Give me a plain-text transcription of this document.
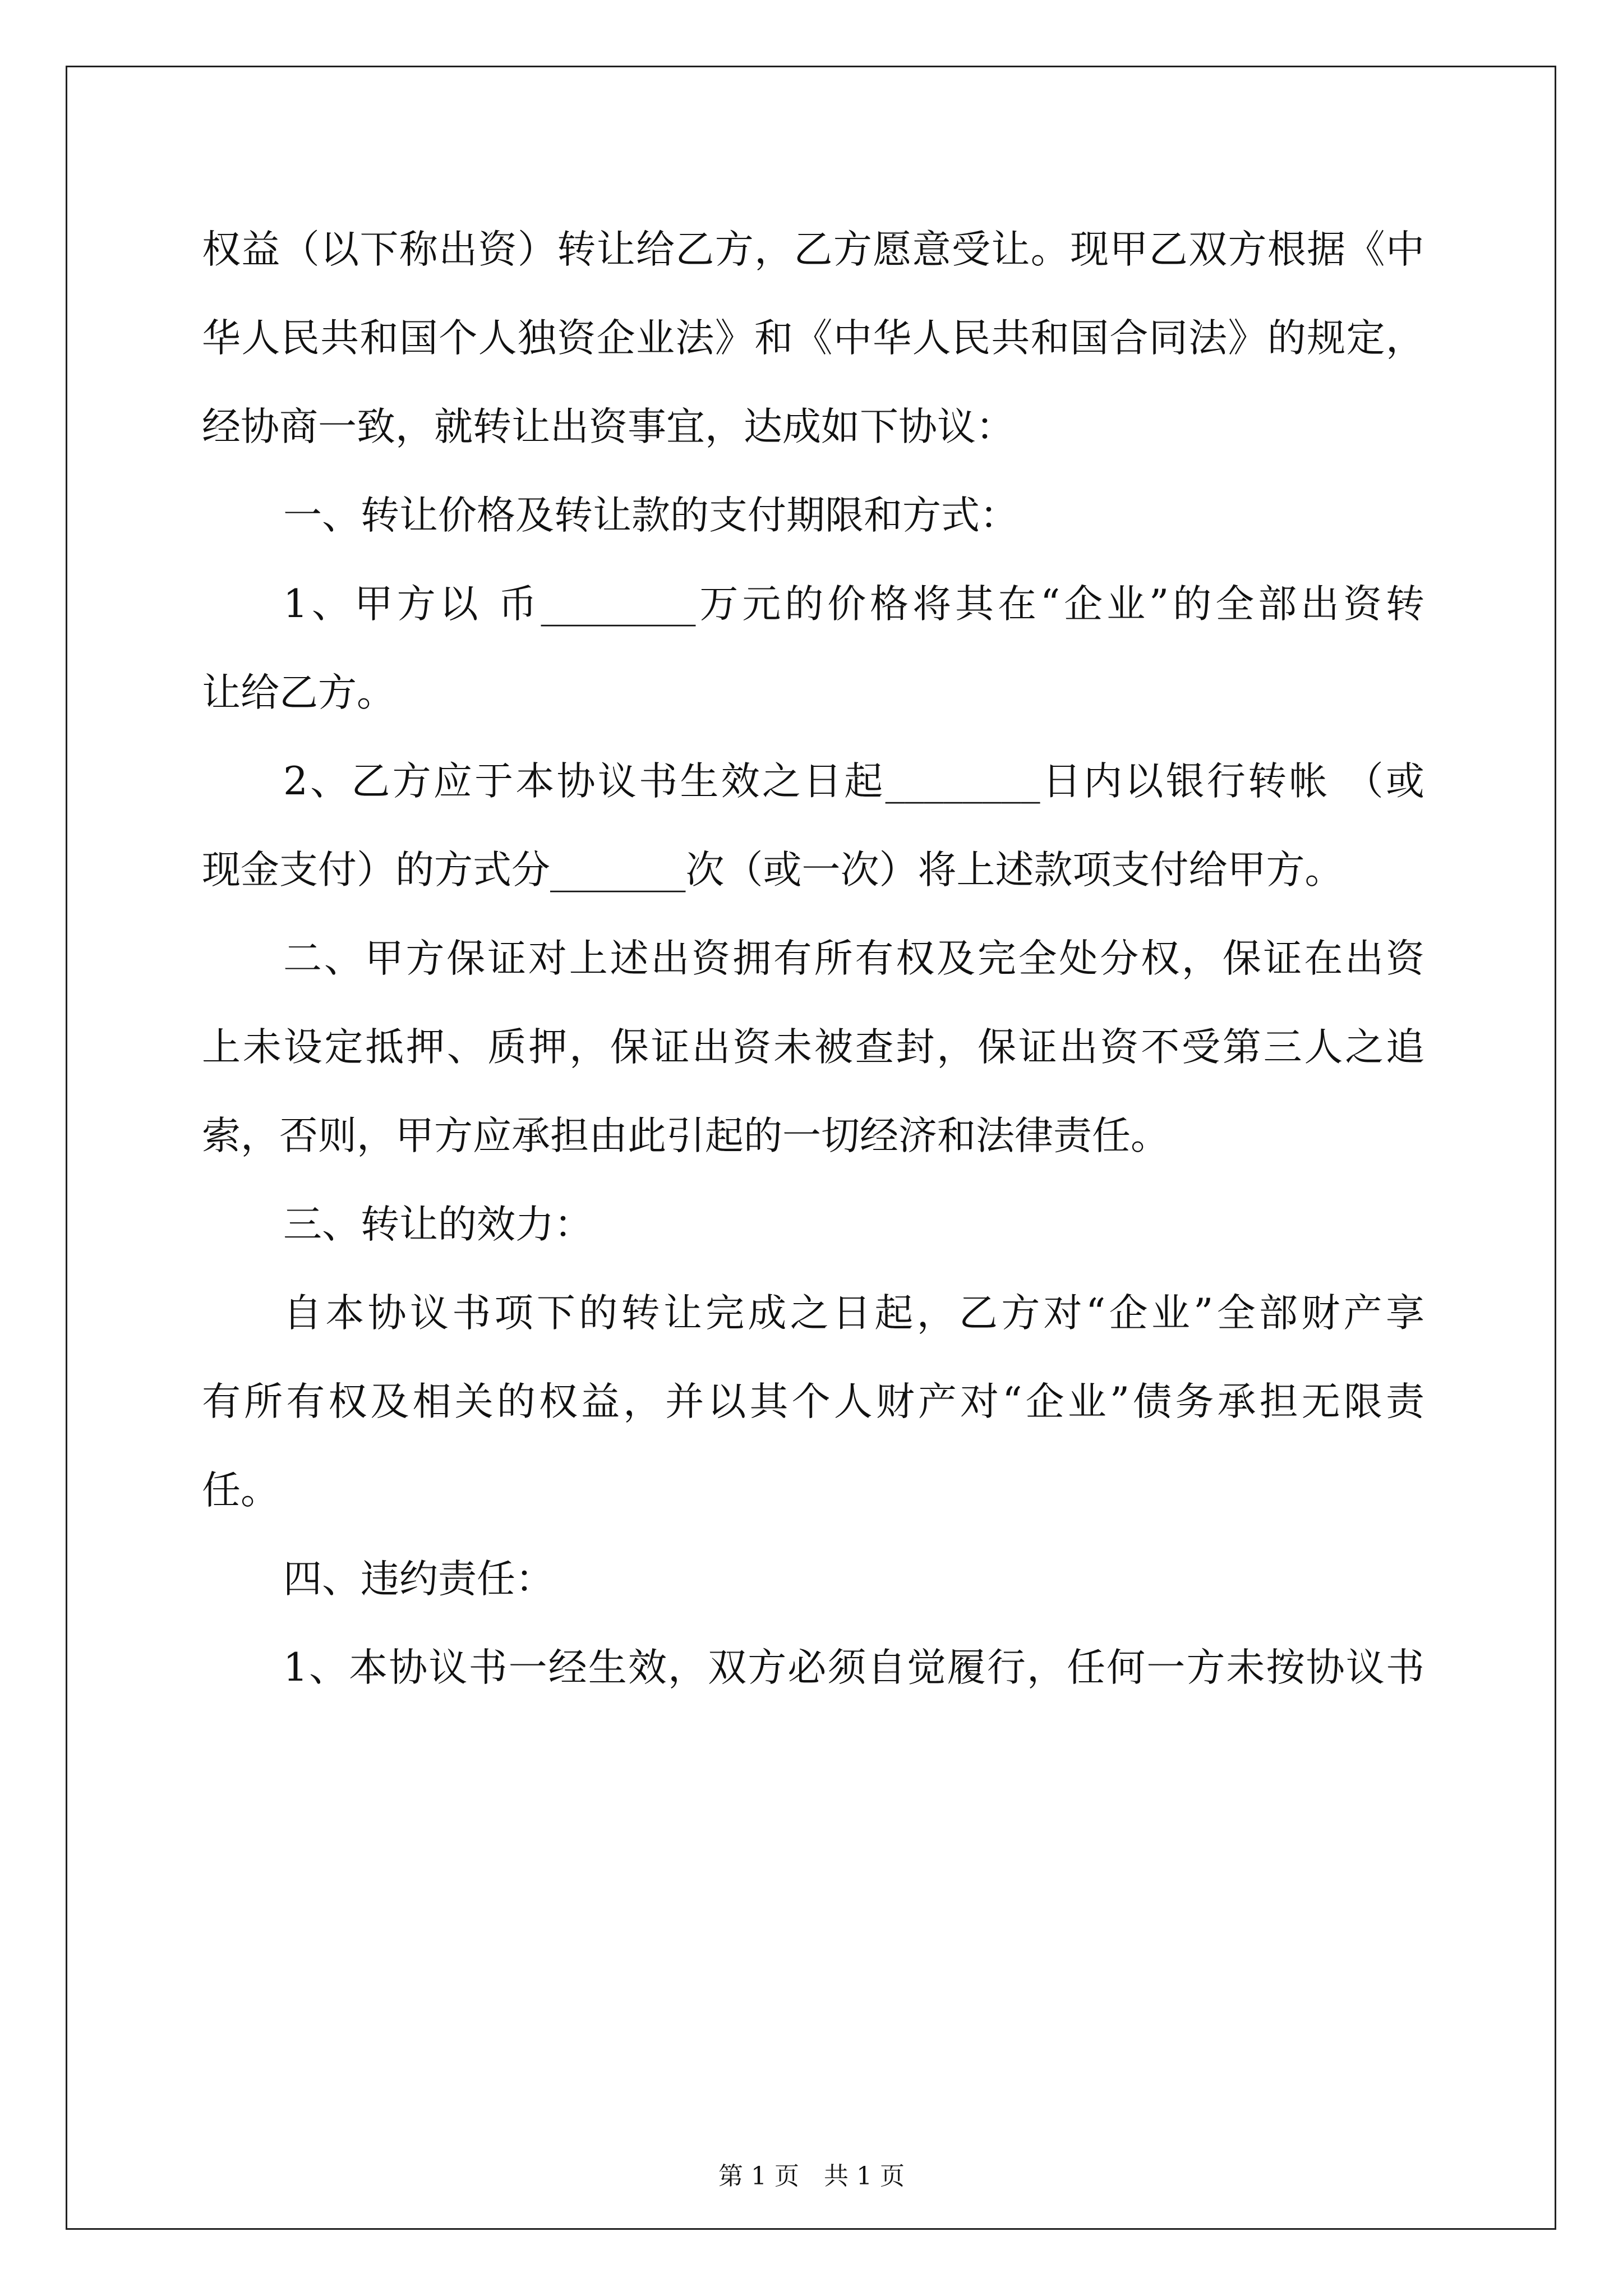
权益（以下称出资）转让给乙方，乙方愿意受让。现甲乙双方根据《中
华人民共和国个人独资企业法》和《中华人民共和国合同法》的规定，
经协商一致，就转让出资事宜，达成如下协议：
一、转让价格及转让款的支付期限和方式：
1、甲方以 币________万元的价格将其在“企业”的全部出资转
让给乙方。
2、乙方应于本协议书生效之日起________日内以银行转帐 （或
现金支付）的方式分_______次（或一次）将上述款项支付给甲方。
二、甲方保证对上述出资拥有所有权及完全处分权，保证在出资
上未设定抵押、质押，保证出资未被查封，保证出资不受第三人之追
索，否则，甲方应承担由此引起的一切经济和法律责任。
三、转让的效力：
自本协议书项下的转让完成之日起，乙方对“企业”全部财产享
有所有权及相关的权益，并以其个人财产对“企业”债务承担无限责
任。
四、违约责任：
1、本协议书一经生效，双方必须自觉履行，任何一方未按协议书
第 1 页　共 1 页
